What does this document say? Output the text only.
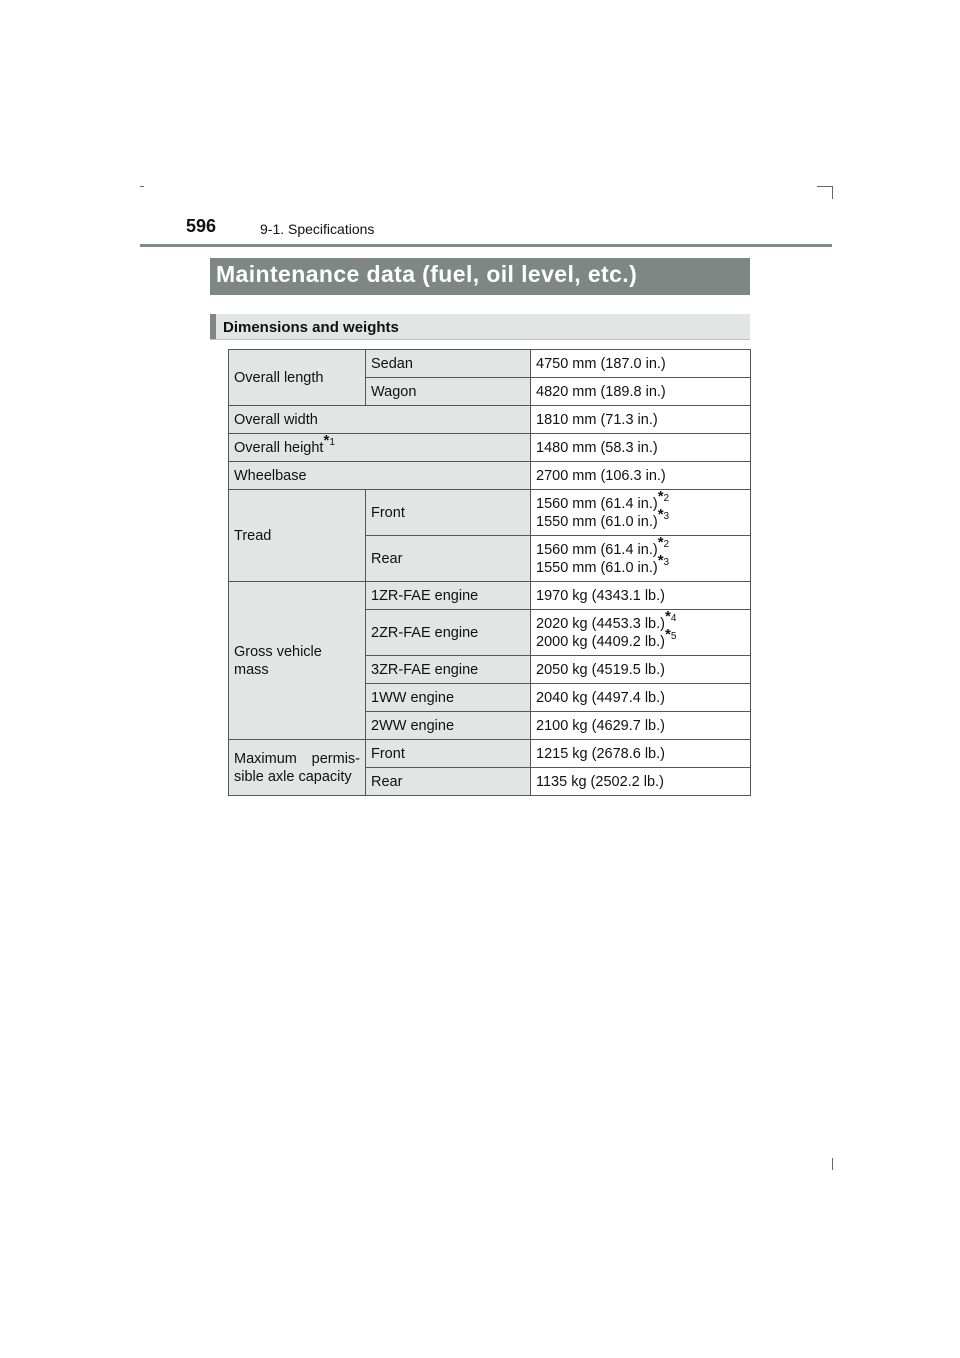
596	9-1. Specifications
Maintenance data (fuel, oil level, etc.)
Dimensions and weights
Overall length	Sedan	4750 mm (187.0 in.)
	Wagon	4820 mm (189.8 in.)
Overall width		1810 mm (71.3 in.)
Overall height$^{*1}$		1480 mm (58.3 in.)
Wheelbase		2700 mm (106.3 in.)
Tread	Front	1560 mm (61.4 in.)$^{*2}$
1550 mm (61.0 in.)$^{*3}$

	Rear	1560 mm (61.4 in.)$^{*2}$
1550 mm (61.0 in.)$^{*3}$

Gross vehicle
mass	1ZR-FAE engine	1970 kg (4343.1 lb.)
	2ZR-FAE engine	2020 kg (4453.3 lb.)$^{*4}$
2000 kg (4409.2 lb.)$^{*5}$

	3ZR-FAE engine	2050 kg (4519.5 lb.)
	1WW engine	2040 kg (4497.4 lb.)
	2WW engine	2100 kg (4629.7 lb.)
Maximum permis-sible axle capacity	Front	1215 kg (2678.6 lb.)
	Rear	1135 kg (2502.2 lb.)
